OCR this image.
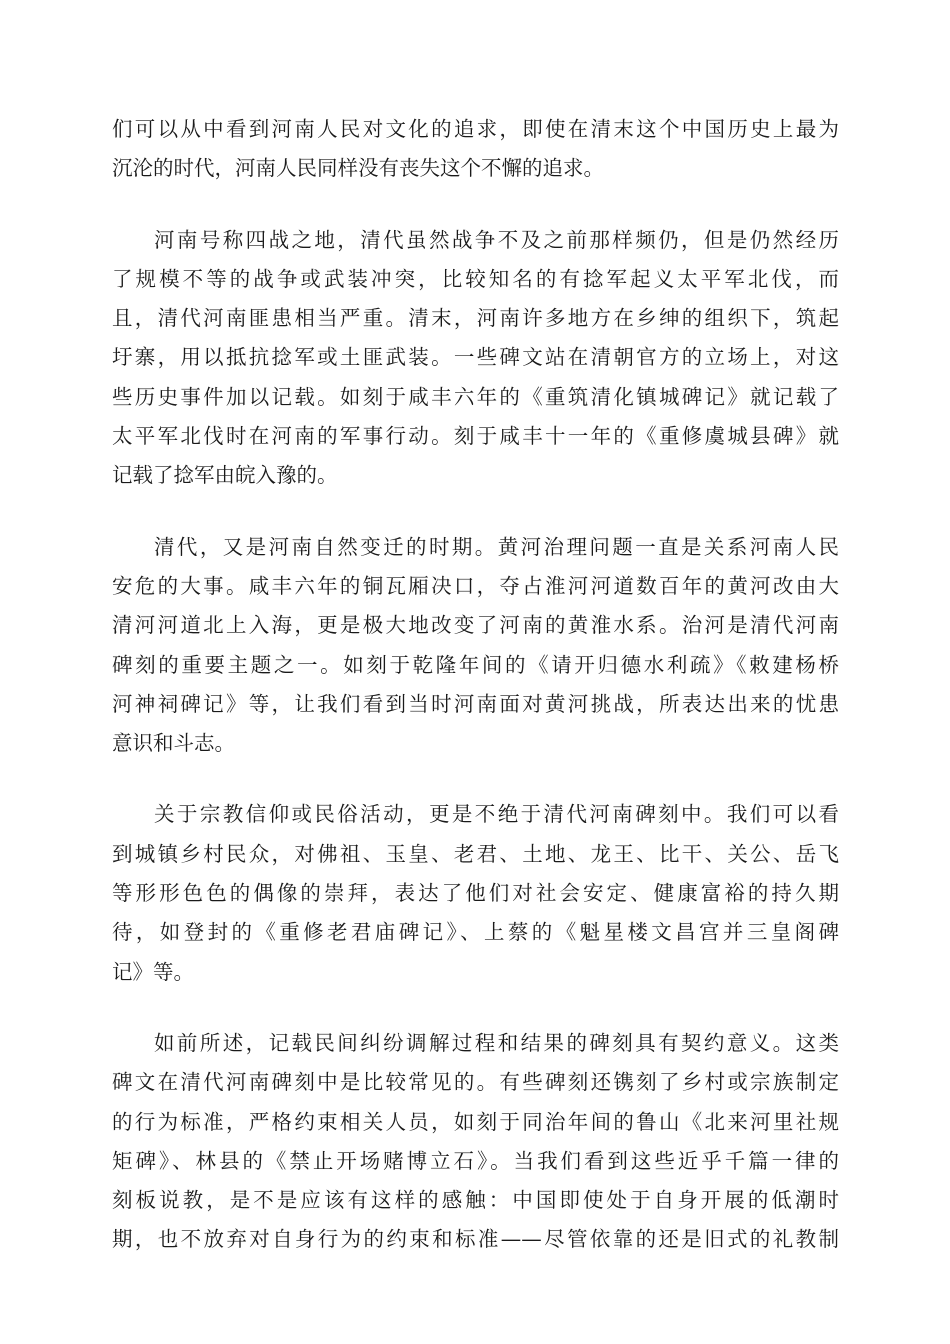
们可以从中看到河南人民对文化的追求，即使在清末这个中国历史上最为
沉沦的时代，河南人民同样没有丧失这个不懈的追求。

河南号称四战之地，清代虽然战争不及之前那样频仍，但是仍然经历
了规模不等的战争或武装冲突，比较知名的有捻军起义太平军北伐，而
且，清代河南匪患相当严重。清末，河南许多地方在乡绅的组织下，筑起
圩寨，用以抵抗捻军或土匪武装。一些碑文站在清朝官方的立场上，对这
些历史事件加以记载。如刻于咸丰六年的《重筑清化镇城碑记》就记载了
太平军北伐时在河南的军事行动。刻于咸丰十一年的《重修虞城县碑》就
记载了捻军由皖入豫的。

清代，又是河南自然变迁的时期。黄河治理问题一直是关系河南人民
安危的大事。咸丰六年的铜瓦厢决口，夺占淮河河道数百年的黄河改由大
清河河道北上入海，更是极大地改变了河南的黄淮水系。治河是清代河南
碑刻的重要主题之一。如刻于乾隆年间的《请开归德水利疏》《敕建杨桥
河神祠碑记》等，让我们看到当时河南面对黄河挑战，所表达出来的忧患
意识和斗志。

关于宗教信仰或民俗活动，更是不绝于清代河南碑刻中。我们可以看
到城镇乡村民众，对佛祖、玉皇、老君、土地、龙王、比干、关公、岳飞
等形形色色的偶像的崇拜，表达了他们对社会安定、健康富裕的持久期
待，如登封的《重修老君庙碑记》、上蔡的《魁星楼文昌宫并三皇阁碑
记》等。

如前所述，记载民间纠纷调解过程和结果的碑刻具有契约意义。这类
碑文在清代河南碑刻中是比较常见的。有些碑刻还镌刻了乡村或宗族制定
的行为标准，严格约束相关人员，如刻于同治年间的鲁山《北来河里社规
矩碑》、林县的《禁止开场赌博立石》。当我们看到这些近乎千篇一律的
刻板说教，是不是应该有这样的感触：中国即使处于自身开展的低潮时
期，也不放弃对自身行为的约束和标准——尽管依靠的还是旧式的礼教制
